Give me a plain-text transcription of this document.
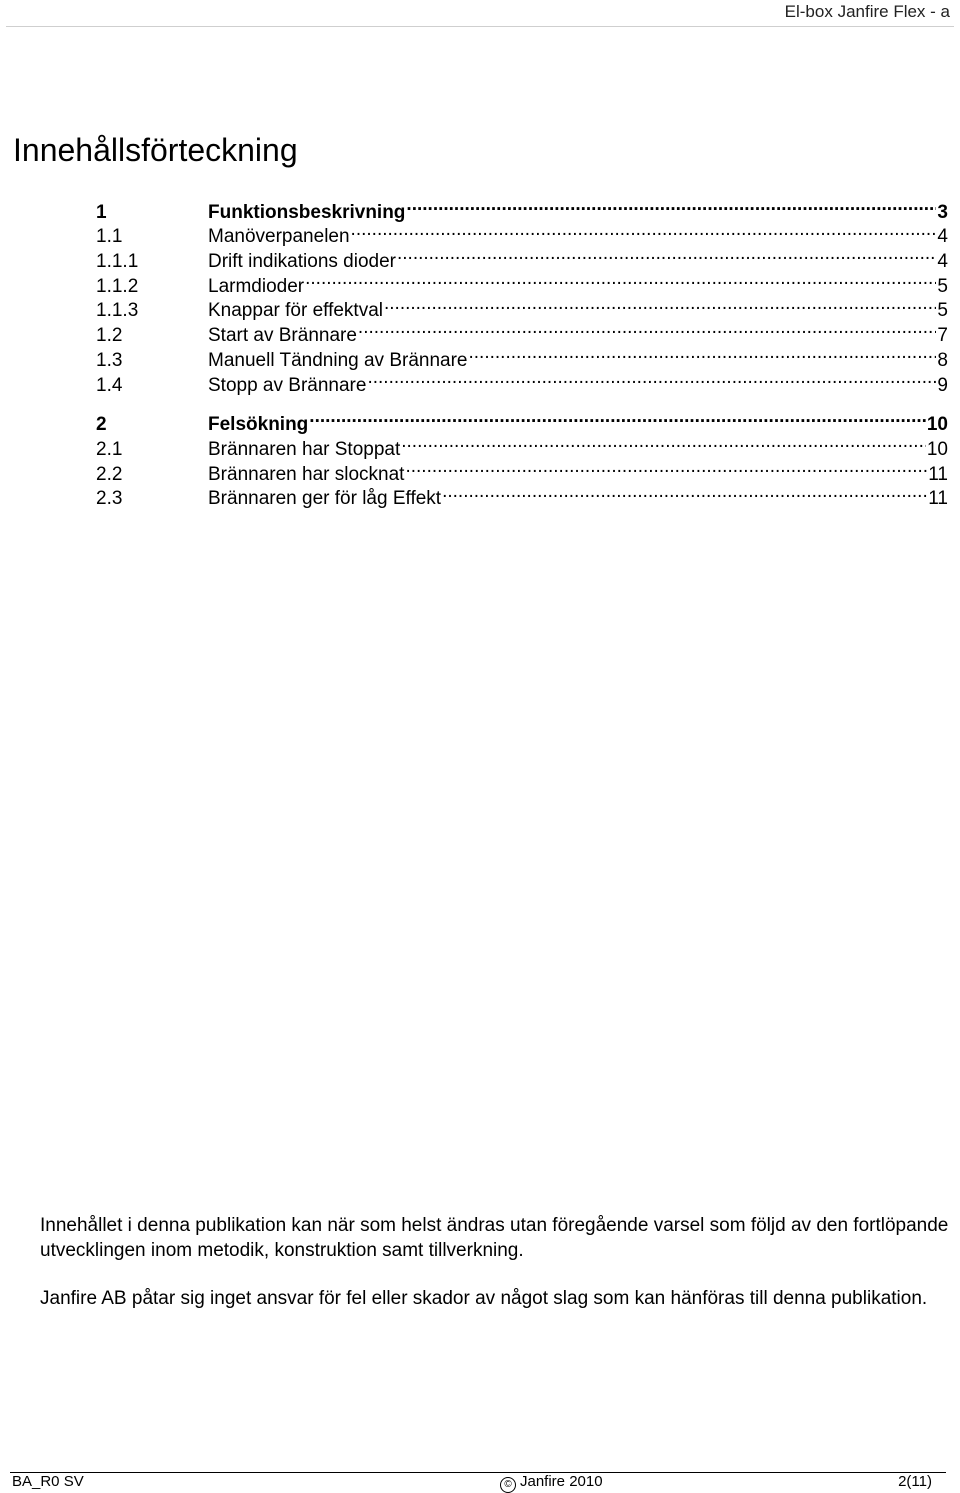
El-box Janfire Flex - a
Innehållsförteckning
1	Funktionsbeskrivning .....	3
1.1	Manöverpanelen .....	4
1.1.1	Drift indikations dioder .....	4
1.1.2	Larmdioder .....	5
1.1.3	Knappar för effektval .....	5
1.2	Start av Brännare .....	7
1.3	Manuell Tändning av Brännare .....	8
1.4	Stopp av Brännare .....	9
2	Felsökning .....	10
2.1	Brännaren har Stoppat .....	10
2.2	Brännaren har slocknat .....	11
2.3	Brännaren ger för låg Effekt .....	11

Innehållet i denna publikation kan när som helst ändras utan föregående varsel som följd av den fortlöpande utvecklingen inom metodik, konstruktion samt tillverkning.

Janfire AB påtar sig inget ansvar för fel eller skador av något slag som kan hänföras till denna publikation.

BA_R0 SV	© Janfire 2010	2(11)
